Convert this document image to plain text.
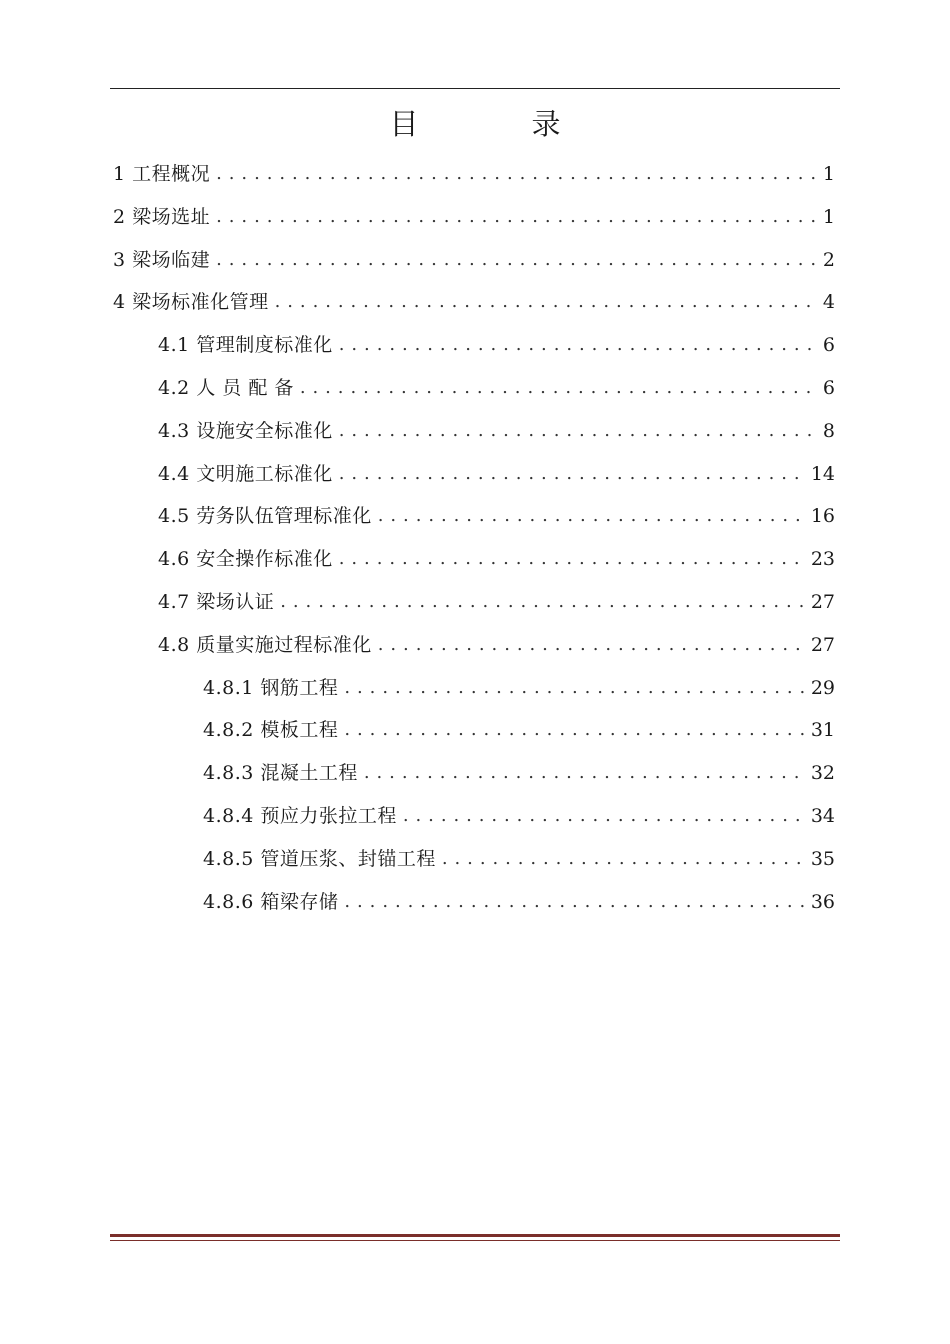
目　录
1 工程概况 . . .	1
2 梁场选址 . . .	1
3 梁场临建 . . .	2
4 梁场标准化管理 . . .	4
4.1 管理制度标准化 . . .	6
4.2 人 员 配 备 . . .	6
4.3 设施安全标准化 . . .	8
4.4 文明施工标准化 . . .	14
4.5 劳务队伍管理标准化 . . .	16
4.6 安全操作标准化 . . .	23
4.7 梁场认证 . . .	27
4.8 质量实施过程标准化 . . .	27
4.8.1 钢筋工程 . . .	29
4.8.2 模板工程 . . .	31
4.8.3 混凝土工程 . . .	32
4.8.4 预应力张拉工程 . . .	34
4.8.5 管道压浆、封锚工程 . . .	35
4.8.6 箱梁存储 . . .	36
